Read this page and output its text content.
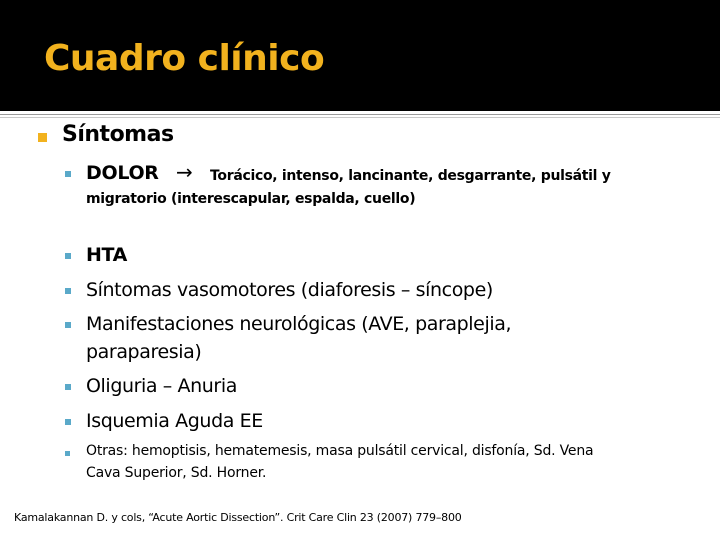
Cuadro clínico
Síntomas
DOLOR → Torácico, intenso, lancinante, desgarrante, pulsátil y
migratorio (interescapular, espalda, cuello)
HTA
Síntomas vasomotores (diaforesis – síncope)
Manifestaciones neurológicas (AVE, paraplejia,
paraparesia)
Oliguria – Anuria
Isquemia Aguda EE
Otras: hemoptisis, hematemesis, masa pulsátil cervical, disfonía, Sd. Vena
Cava Superior, Sd. Horner.
Kamalakannan D. y cols, “Acute Aortic Dissection”. Crit Care Clin 23 (2007) 779–800
